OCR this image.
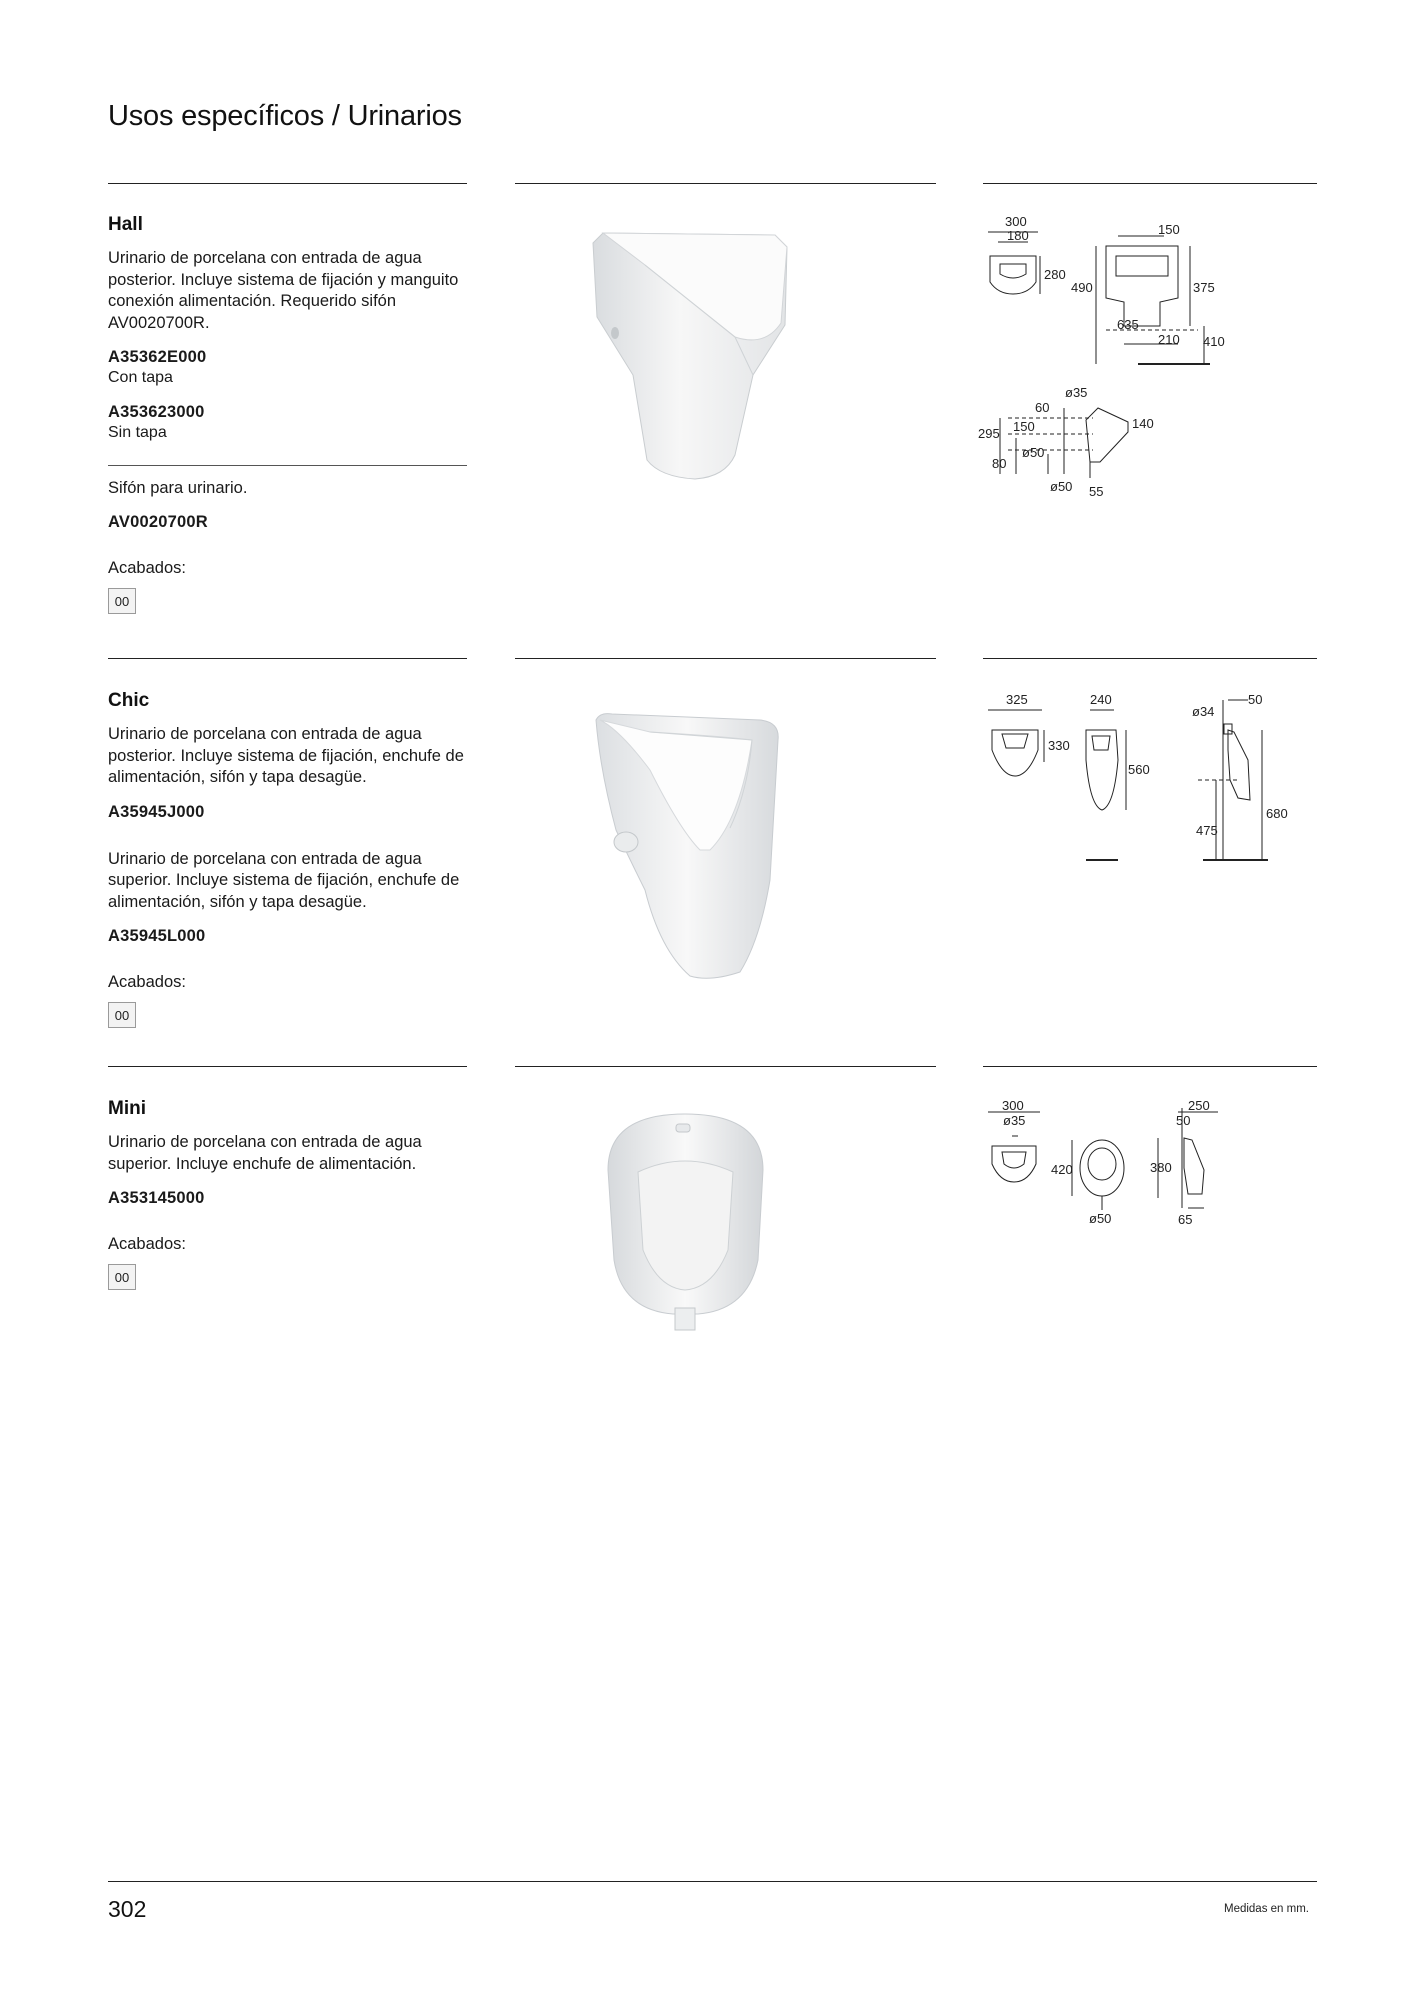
Usos específicos / Urinarios

Hall

Urinario de porcelana con entrada de agua posterior. Incluye sistema de fijación y manguito conexión alimentación. Requerido sifón AV0020700R.

A35362E000

Con tapa

A353623000

Sin tapa

Sifón para urinario.

AV0020700R

Acabados:

00
300
180
280
150
490	375
635
210 410
ø35
60
295 150	140
ø50
80
ø50 55

Chic

Urinario de porcelana con entrada de agua posterior. Incluye sistema de fijación, enchufe de alimentación, sifón y tapa desagüe.

A35945J000

Urinario de porcelana con entrada de agua superior. Incluye sistema de fijación, enchufe de alimentación, sifón y tapa desagüe.

A35945L000

Acabados:

00
325
330
240
560
ø34
50
475
680

Mini

Urinario de porcelana con entrada de agua superior. Incluye enchufe de alimentación.

A353145000

Acabados:

00
300
ø35
420
ø50
250
50
380
65
302	Medidas en mm.
